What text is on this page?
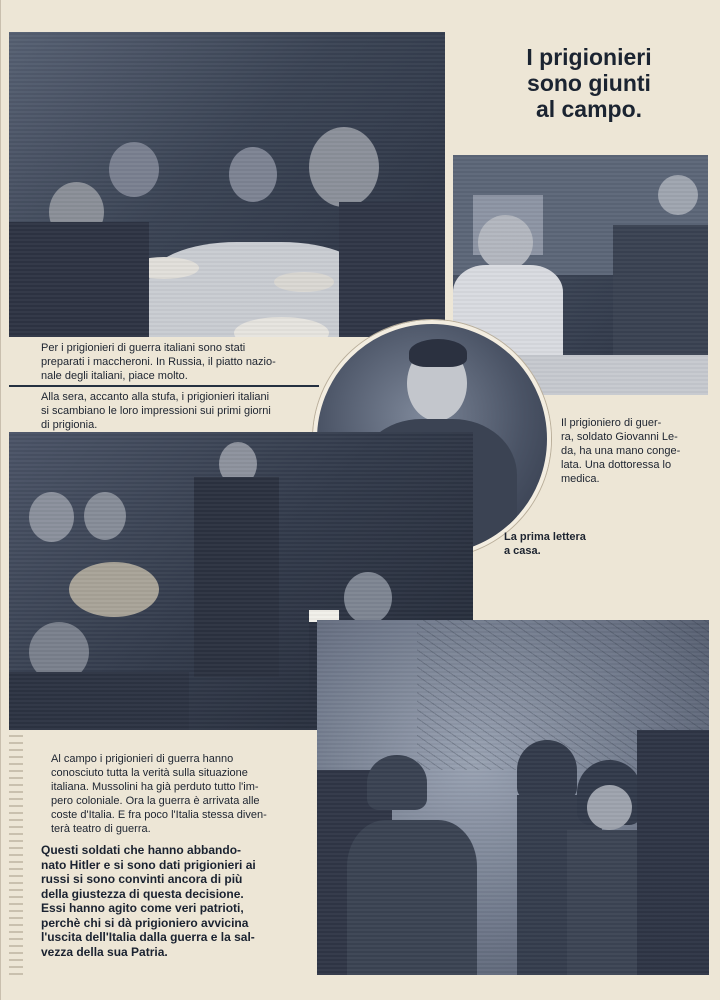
I prigionieri
sono giunti
al campo.
Per i prigionieri di guerra italiani sono stati
preparati i maccheroni. In Russia, il piatto nazio-
nale degli italiani, piace molto.
Alla sera, accanto alla stufa, i prigionieri italiani
si scambiano le loro impressioni sui primi giorni
di prigionia.	Il prigioniero di guer-
ra, soldato Giovanni Le-
da, ha una mano conge-
lata. Una dottoressa lo
medica.
La prima lettera
a casa.
Al campo i prigionieri di guerra hanno
conosciuto tutta la verità sulla situazione
italiana. Mussolini ha già perduto tutto l'im-
pero coloniale. Ora la guerra è arrivata alle
coste d'Italia. E fra poco l'Italia stessa diven-
terà teatro di guerra.
Questi soldati che hanno abbando-
nato Hitler e si sono dati prigionieri ai
russi si sono convinti ancora di più
della giustezza di questa decisione.
Essi hanno agito come veri patrioti,
perchè chi si dà prigioniero avvicina
l'uscita dell'Italia dalla guerra e la sal-
vezza della sua Patria.
